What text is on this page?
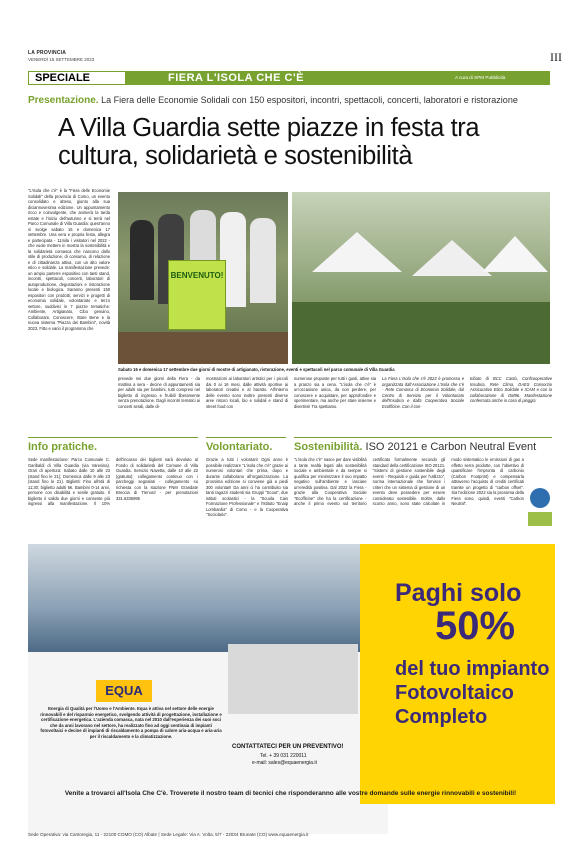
LA PROVINCIA
VENERDÌ 15 SETTEMBRE 2023	III
SPECIALE	FIERA L'ISOLA CHE C'È	A cura di SPM Pubblicità
Presentazione. La Fiera delle Economie Solidali con 150 espositori, incontri, spettacoli, concerti, laboratori e ristorazione
A Villa Guardia sette piazze in festa tra cultura, solidarietà e sostenibilità
"L'Isola che c'è" è la "Fiera delle Economie Solidali" della provincia di Como, un evento consolidato e atteso, giunto alla sua diciannovesima edizione. Un appuntamento ricco e coinvolgente, che animerà la tarda estate e l'inizio dell'autunno e si terrà nel Parco Comunale di Villa Guardia: quest'anno si svolge sabato 16 e domenica 17 settembre. Una vera e propria festa, allegra e partecipata - 11mila i visitatori nel 2022 - che vuole mettere in mostra la sostenibilità e la solidarietà comasca che nascono dallo stile di produzione, di consumo, di relazione e di cittadinanza attiva, con un alto valore etico e solidale. La manifestazione prevede: un ampio parterre espositivo con tanti stand, incontri, spettacoli, concerti, laboratori di autoproduzione, degustazioni e ristorazione locale e biologica. Saranno presenti 150 espositori con prodotti, servizi e progetti di economia solidale, volontariato e terzo settore, suddivisi in 7 piazze tematiche: Ambiente, Artigianato, Cibo genuino, Collaborare, Conoscere, Stare Bene e la nuova sistema "Piazza dei Bambini", novità 2023. Fitto e vario il programma che
BENVENUTO!
Sabato 16 e domenica 17 settembre due giorni di mostre di artigianato, ristorazione, eventi e spettacoli nel parco comunale di Villa Guardia
prevede nei due giorni della Fiera - da mattina a sera - decine di appuntamenti sia per adulti sia per bambini, tutti compresi nel biglietto di ingresso e fruibili liberamente senza prenotazione. Dagli incontri tematici ai concerti serali, dalle di-
mostrazioni ai laboratori artistici per i piccoli dai 0 ai 16 mesi, dalle attività sportive ai laboratori creativi e al baratto. All'interno delle evento sono inoltre presenti diverse aree ristoro locali, bio e solidali e stand di street food con
numerose proposte per tutti i gusti, attive sia a pranzo sia a cena. "L'isola che c'è" è un'occasione unica, da non perdere, per conoscere e acquistare, per approfondire e sperimentare, ma anche per stare insieme e divertirsi! Tra spettiamo.
La Fiera L'Isola che c'è 2023 è promossa e organizzata dall'Associazione L'Isola che c'è - Rete Comasca di Economia Solidale, dal Centro di Servizio per il Volontariato dell'Insubria e dalla Cooperativa Sociale Ecofficine. Con il con-
tributo di BCC Cantù, Confcooperative Insubria, Rete Clima, DAES Consorzio Assicurativo Etico Solidale e ICAM e con la collaborazione di DM96. Manifestazione confermata anche in caso di pioggia
Info pratiche.
Sede manifestazione: Parco Comunale C. Garibaldi di Villa Guardia (via Varesina). Orari di apertura: Sabato dalle 10 alle 23 (stand fino le 21); Domenica dalle 9 alle 23 (stand fino le 21). Biglietti: Fino all'età di 11:30; biglietto adulti 5€. Bambini 0-14 anni, persone con disabilità e senile gratuito. Il biglietto è valido due giorni e consente più ingressi alla manifestazione. Il 10% dell'incasso dei biglietti sarà devoluto al Fondo di solidarietà del Comune di Villa Guardia. Servizio Navetta, dalle 10 alle 22 (gratuito): collegamento continuo con i parcheggi segnalati - collegamento su richiesta con la stazione FNM Grandate Breccia di Trenord - per prenotazioni 331.6336995
Volontariato.
Grazie a tutti i volontari! Ogni anno è possibile realizzare "L'isola che c'è" grazie ai numerosi volontari che prima, dopo e durante collaborano all'organizzazione. La prossima edizione si conviene già a piedi 300 volontari! Da anni ci ha contribuito sia tanti ragazzi studenti sia Gruppi "Scout", due istituti scolastici - la "Scuola Cais Formazione Professionale" e l'Istituto "Enaip Lombardia" di Como - e la Cooperativa "Sociolario".
Sostenibilità. ISO 20121 e Carbon Neutral Event
"L'isola che c'è" nasce per dare visibilità a tante realtà legati alla sostenibilità sociale e ambientale e da sempre si qualifica per minimizzare il suo impatto negativo sull'ambiente e lasciare un'eredità positiva. Dal 2022 la Fiera - grazie alla Cooperativa Sociale "Ecofficine" che ha la certificazione - anche il primo evento sul territorio certificato formalmente secondo gli standard della certificazione ISO 20121. "Sistemi di gestione sostenibile degli eventi - Requisiti e guida per l'utilizzo", norma internazionale che fornisce i criteri che un sistema di gestione di un evento deve possedere per essere considerato sostenibile. Inoltre, dallo scorso anno, sono state calcolate in modo sistematico le emissioni di gas a effetto serra prodotte, con l'obiettivo di quantificare l'impronta di carbonio (Carbon Footprint) e compensarla attraverso l'acquisto di crediti certificati tramite un progetto di "carbon offset". Sia l'edizione 2022 sia la prossima della Fiera sono, quindi, eventi "Carbon Neutral".
Paghi solo
50%
del tuo impianto Fotovoltaico Completo
EQUA
Energia di Qualità per l'Uomo e l'Ambiente. Equa è attiva nel settore delle energie rinnovabili e del risparmio energetico, svolgendo attività di progettazione, installazione e certificazione energetica. L'azienda comasca, nata nel 2010 dall'esperienza dei suoi soci che da anni lavorano nel settore, ha realizzato fino ad oggi centinaia di impianti fotovoltaici e decine di impianti di riscaldamento a pompa di calore aria-acqua e aria-aria per il riscaldamento e la climatizzazione.
CONTATTATECI PER UN PREVENTIVO!
Tel. + 39 031 220011
e-mail: sales@equaenergia.it
Venite a trovarci all'Isola Che C'è. Troverete il nostro team di tecnici che risponderanno alle vostre domande sulle energie rinnovabili e sostenibili!
Sede Operativa: via Cantoregia, 11 - 22100 COMO (CO) Albate | Sede Legale: Via A. Volta, 5/7 - 22034 Brunate (CO) www.equaenergia.it
